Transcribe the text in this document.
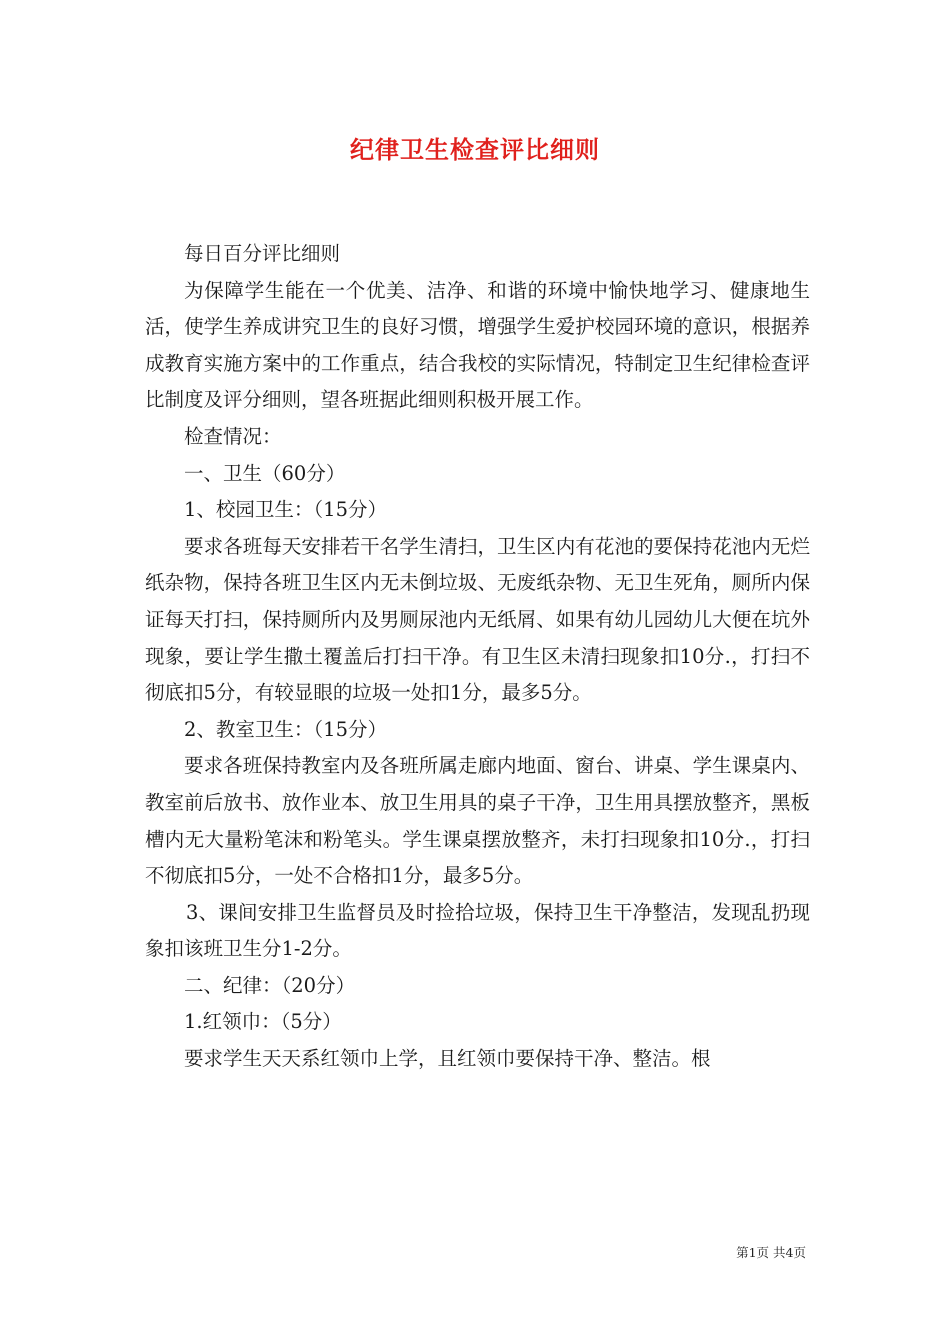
纪律卫生检查评比细则

每日百分评比细则

为保障学生能在一个优美、洁净、和谐的环境中愉快地学习、健康地生活，使学生养成讲究卫生的良好习惯，增强学生爱护校园环境的意识，根据养成教育实施方案中的工作重点，结合我校的实际情况，特制定卫生纪律检查评比制度及评分细则，望各班据此细则积极开展工作。

检查情况：

一、卫生（60分）

1、校园卫生：（15分）

要求各班每天安排若干名学生清扫，卫生区内有花池的要保持花池内无烂纸杂物，保持各班卫生区内无未倒垃圾、无废纸杂物、无卫生死角，厕所内保证每天打扫，保持厕所内及男厕尿池内无纸屑、如果有幼儿园幼儿大便在坑外现象，要让学生撒土覆盖后打扫干净。有卫生区未清扫现象扣10分.，打扫不彻底扣5分，有较显眼的垃圾一处扣1分，最多5分。

2、教室卫生：（15分）

要求各班保持教室内及各班所属走廊内地面、窗台、讲桌、学生课桌内、教室前后放书、放作业本、放卫生用具的桌子干净，卫生用具摆放整齐，黑板槽内无大量粉笔沫和粉笔头。学生课桌摆放整齐，未打扫现象扣10分.，打扫不彻底扣5分，一处不合格扣1分，最多5分。

3、课间安排卫生监督员及时捡拾垃圾，保持卫生干净整洁，发现乱扔现象扣该班卫生分1-2分。

二、纪律：（20分）

1.红领巾：（5分）

要求学生天天系红领巾上学，且红领巾要保持干净、整洁。根

第1页 共4页
